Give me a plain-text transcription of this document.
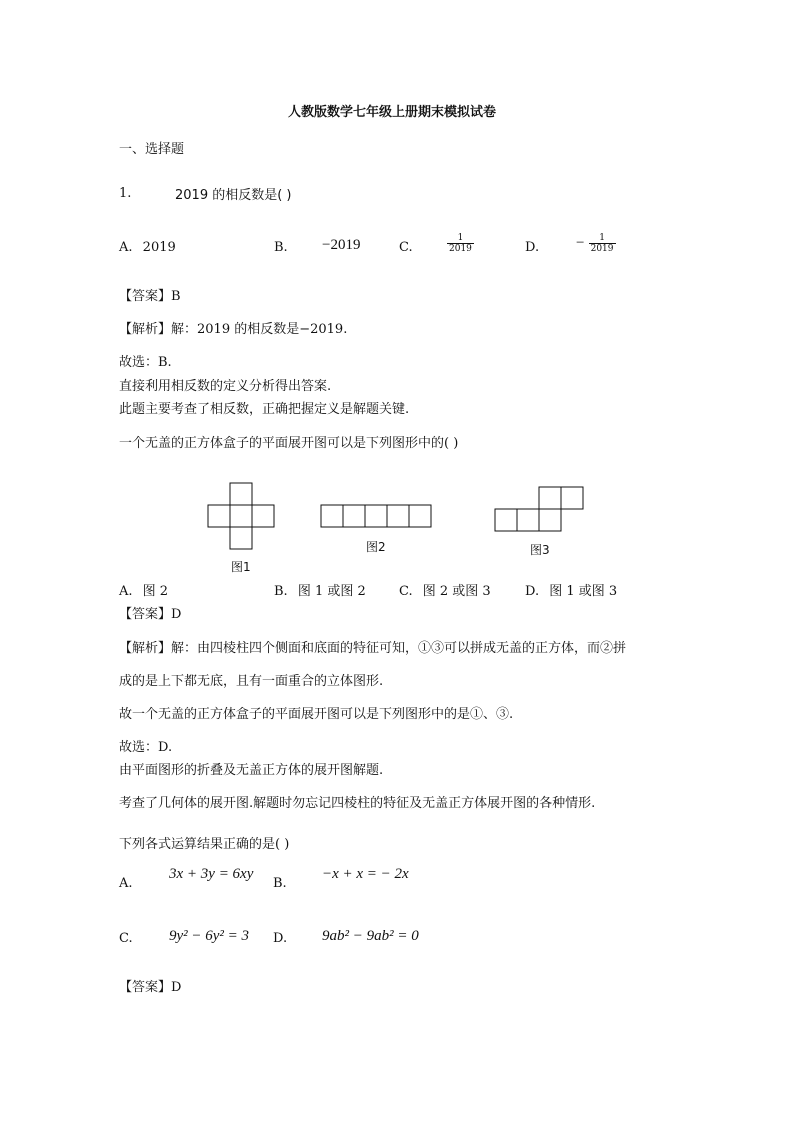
人教版数学七年级上册期末模拟试卷
一、选择题
1.	2019 的相反数是( )
A. 2019	B. −2019	C.	$\frac{1}{2019}$	D. − $\frac{1}{2019}$
【答案】B
【解析】解：2019 的相反数是−2019.
故选：B.
直接利用相反数的定义分析得出答案.
此题主要考查了相反数，正确把握定义是解题关键.
一个无盖的正方体盒子的平面展开图可以是下列图形中的( )
图1
图2	图3
A. 图 2	B. 图 1 或图 2	C. 图 2 或图 3	D. 图 1 或图 3
【答案】D
【解析】解：由四棱柱四个侧面和底面的特征可知，①③可以拼成无盖的正方体，而②拼
成的是上下都无底，且有一面重合的立体图形.
故一个无盖的正方体盒子的平面展开图可以是下列图形中的是①、③.
故选：D.
由平面图形的折叠及无盖正方体的展开图解题.
考查了几何体的展开图.解题时勿忘记四棱柱的特征及无盖正方体展开图的各种情形.
下列各式运算结果正确的是( )
A.
3x + 3y = 6xy
B.
−x + x = − 2x
C. 9y² − 6y² = 3 D. 9ab² − 9ab² = 0
【答案】D
